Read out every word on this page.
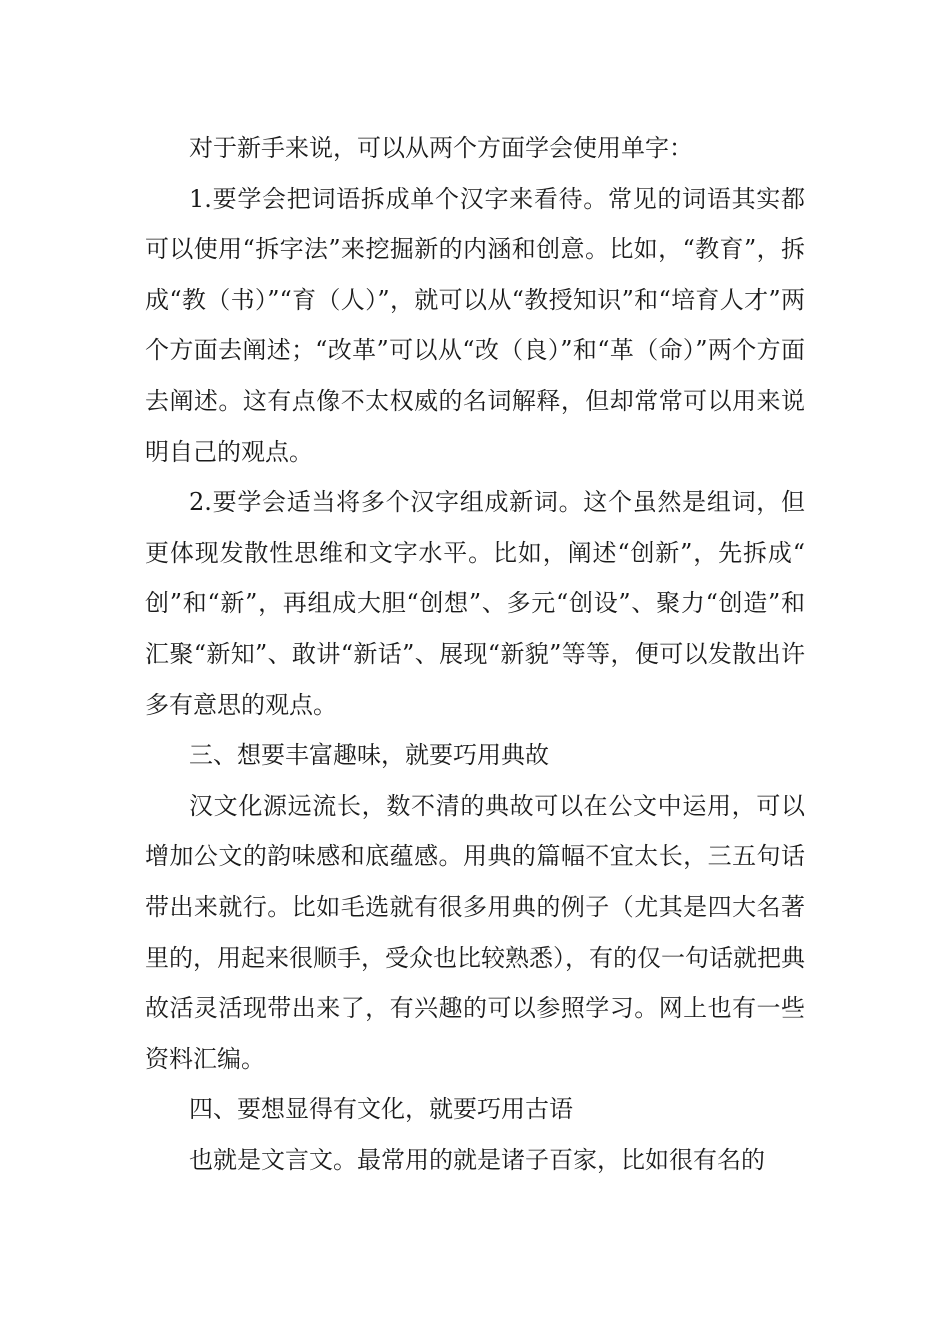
对于新手来说，可以从两个方面学会使用单字：

1.要学会把词语拆成单个汉字来看待。常见的词语其实都可以使用“拆字法”来挖掘新的内涵和创意。比如，“教育”，拆成“教（书）”“育（人）”，就可以从“教授知识”和“培育人才”两个方面去阐述；“改革”可以从“改（良）”和“革（命）”两个方面去阐述。这有点像不太权威的名词解释，但却常常可以用来说明自己的观点。

2.要学会适当将多个汉字组成新词。这个虽然是组词，但更体现发散性思维和文字水平。比如，阐述“创新”，先拆成“创”和“新”，再组成大胆“创想”、多元“创设”、聚力“创造”和汇聚“新知”、敢讲“新话”、展现“新貌”等等，便可以发散出许多有意思的观点。

三、想要丰富趣味，就要巧用典故

汉文化源远流长，数不清的典故可以在公文中运用，可以增加公文的韵味感和底蕴感。用典的篇幅不宜太长，三五句话带出来就行。比如毛选就有很多用典的例子（尤其是四大名著里的，用起来很顺手，受众也比较熟悉），有的仅一句话就把典故活灵活现带出来了，有兴趣的可以参照学习。网上也有一些资料汇编。

四、要想显得有文化，就要巧用古语

也就是文言文。最常用的就是诸子百家，比如很有名的
